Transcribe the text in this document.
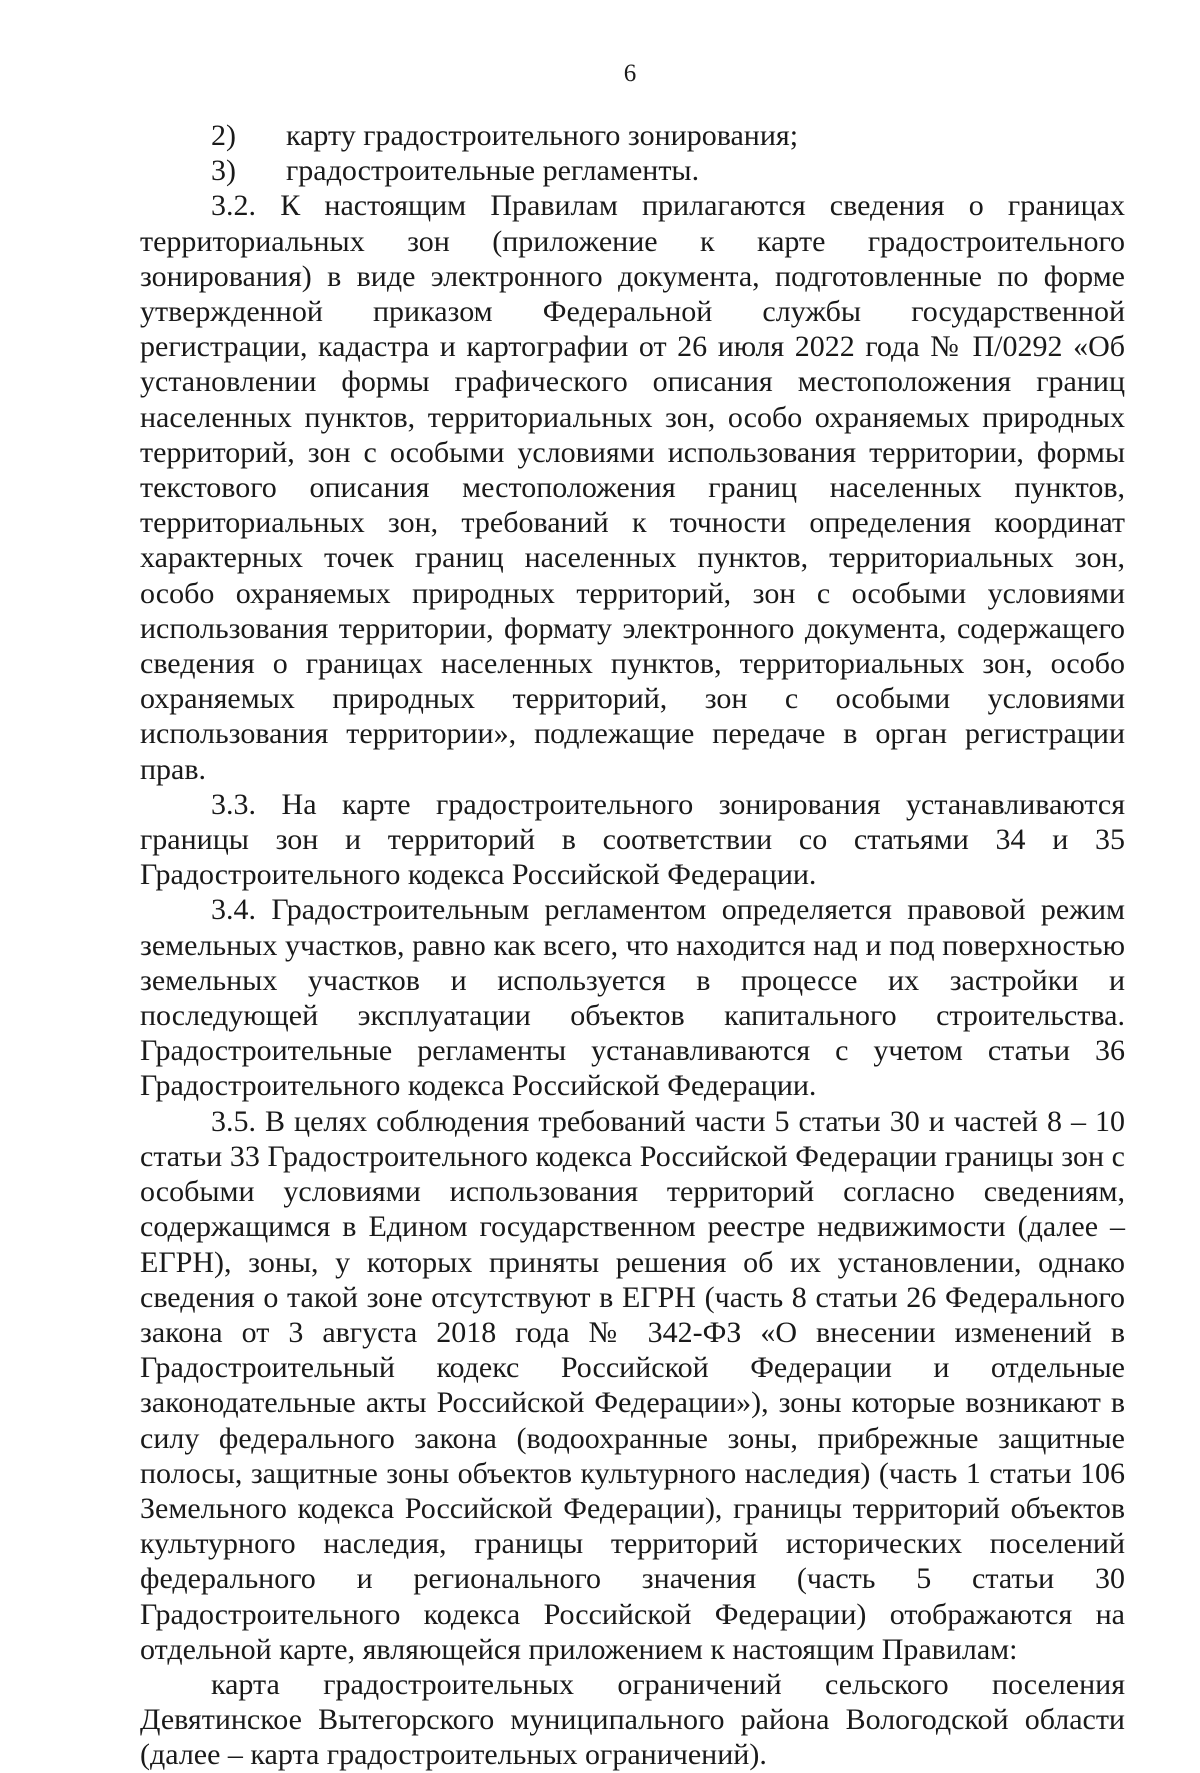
6

2) карту градостроительного зонирования;

3) градостроительные регламенты.

3.2. К настоящим Правилам прилагаются сведения о границах территориальных зон (приложение к карте градостроительного зонирования) в виде электронного документа, подготовленные по форме утвержденной приказом Федеральной службы государственной регистрации, кадастра и картографии от 26 июля 2022 года № П/0292 «Об установлении формы графического описания местоположения границ населенных пунктов, территориальных зон, особо охраняемых природных территорий, зон с особыми условиями использования территории, формы текстового описания местоположения границ населенных пунктов, территориальных зон, требований к точности определения координат характерных точек границ населенных пунктов, территориальных зон, особо охраняемых природных территорий, зон с особыми условиями использования территории, формату электронного документа, содержащего сведения о границах населенных пунктов, территориальных зон, особо охраняемых природных территорий, зон с особыми условиями использования территории», подлежащие передаче в орган регистрации прав.

3.3. На карте градостроительного зонирования устанавливаются границы зон и территорий в соответствии со статьями 34 и 35 Градостроительного кодекса Российской Федерации.

3.4. Градостроительным регламентом определяется правовой режим земельных участков, равно как всего, что находится над и под поверхностью земельных участков и используется в процессе их застройки и последующей эксплуатации объектов капитального строительства. Градостроительные регламенты устанавливаются с учетом статьи 36 Градостроительного кодекса Российской Федерации.

3.5. В целях соблюдения требований части 5 статьи 30 и частей 8 – 10 статьи 33 Градостроительного кодекса Российской Федерации границы зон с особыми условиями использования территорий согласно сведениям, содержащимся в Едином государственном реестре недвижимости (далее – ЕГРН), зоны, у которых приняты решения об их установлении, однако сведения о такой зоне отсутствуют в ЕГРН (часть 8 статьи 26 Федерального закона от 3 августа 2018 года № 342-ФЗ «О внесении изменений в Градостроительный кодекс Российской Федерации и отдельные законодательные акты Российской Федерации»), зоны которые возникают в силу федерального закона (водоохранные зоны, прибрежные защитные полосы, защитные зоны объектов культурного наследия) (часть 1 статьи 106 Земельного кодекса Российской Федерации), границы территорий объектов культурного наследия, границы территорий исторических поселений федерального и регионального значения (часть 5 статьи 30 Градостроительного кодекса Российской Федерации) отображаются на отдельной карте, являющейся приложением к настоящим Правилам:

карта градостроительных ограничений сельского поселения Девятинское Вытегорского муниципального района Вологодской области (далее – карта градостроительных ограничений).
